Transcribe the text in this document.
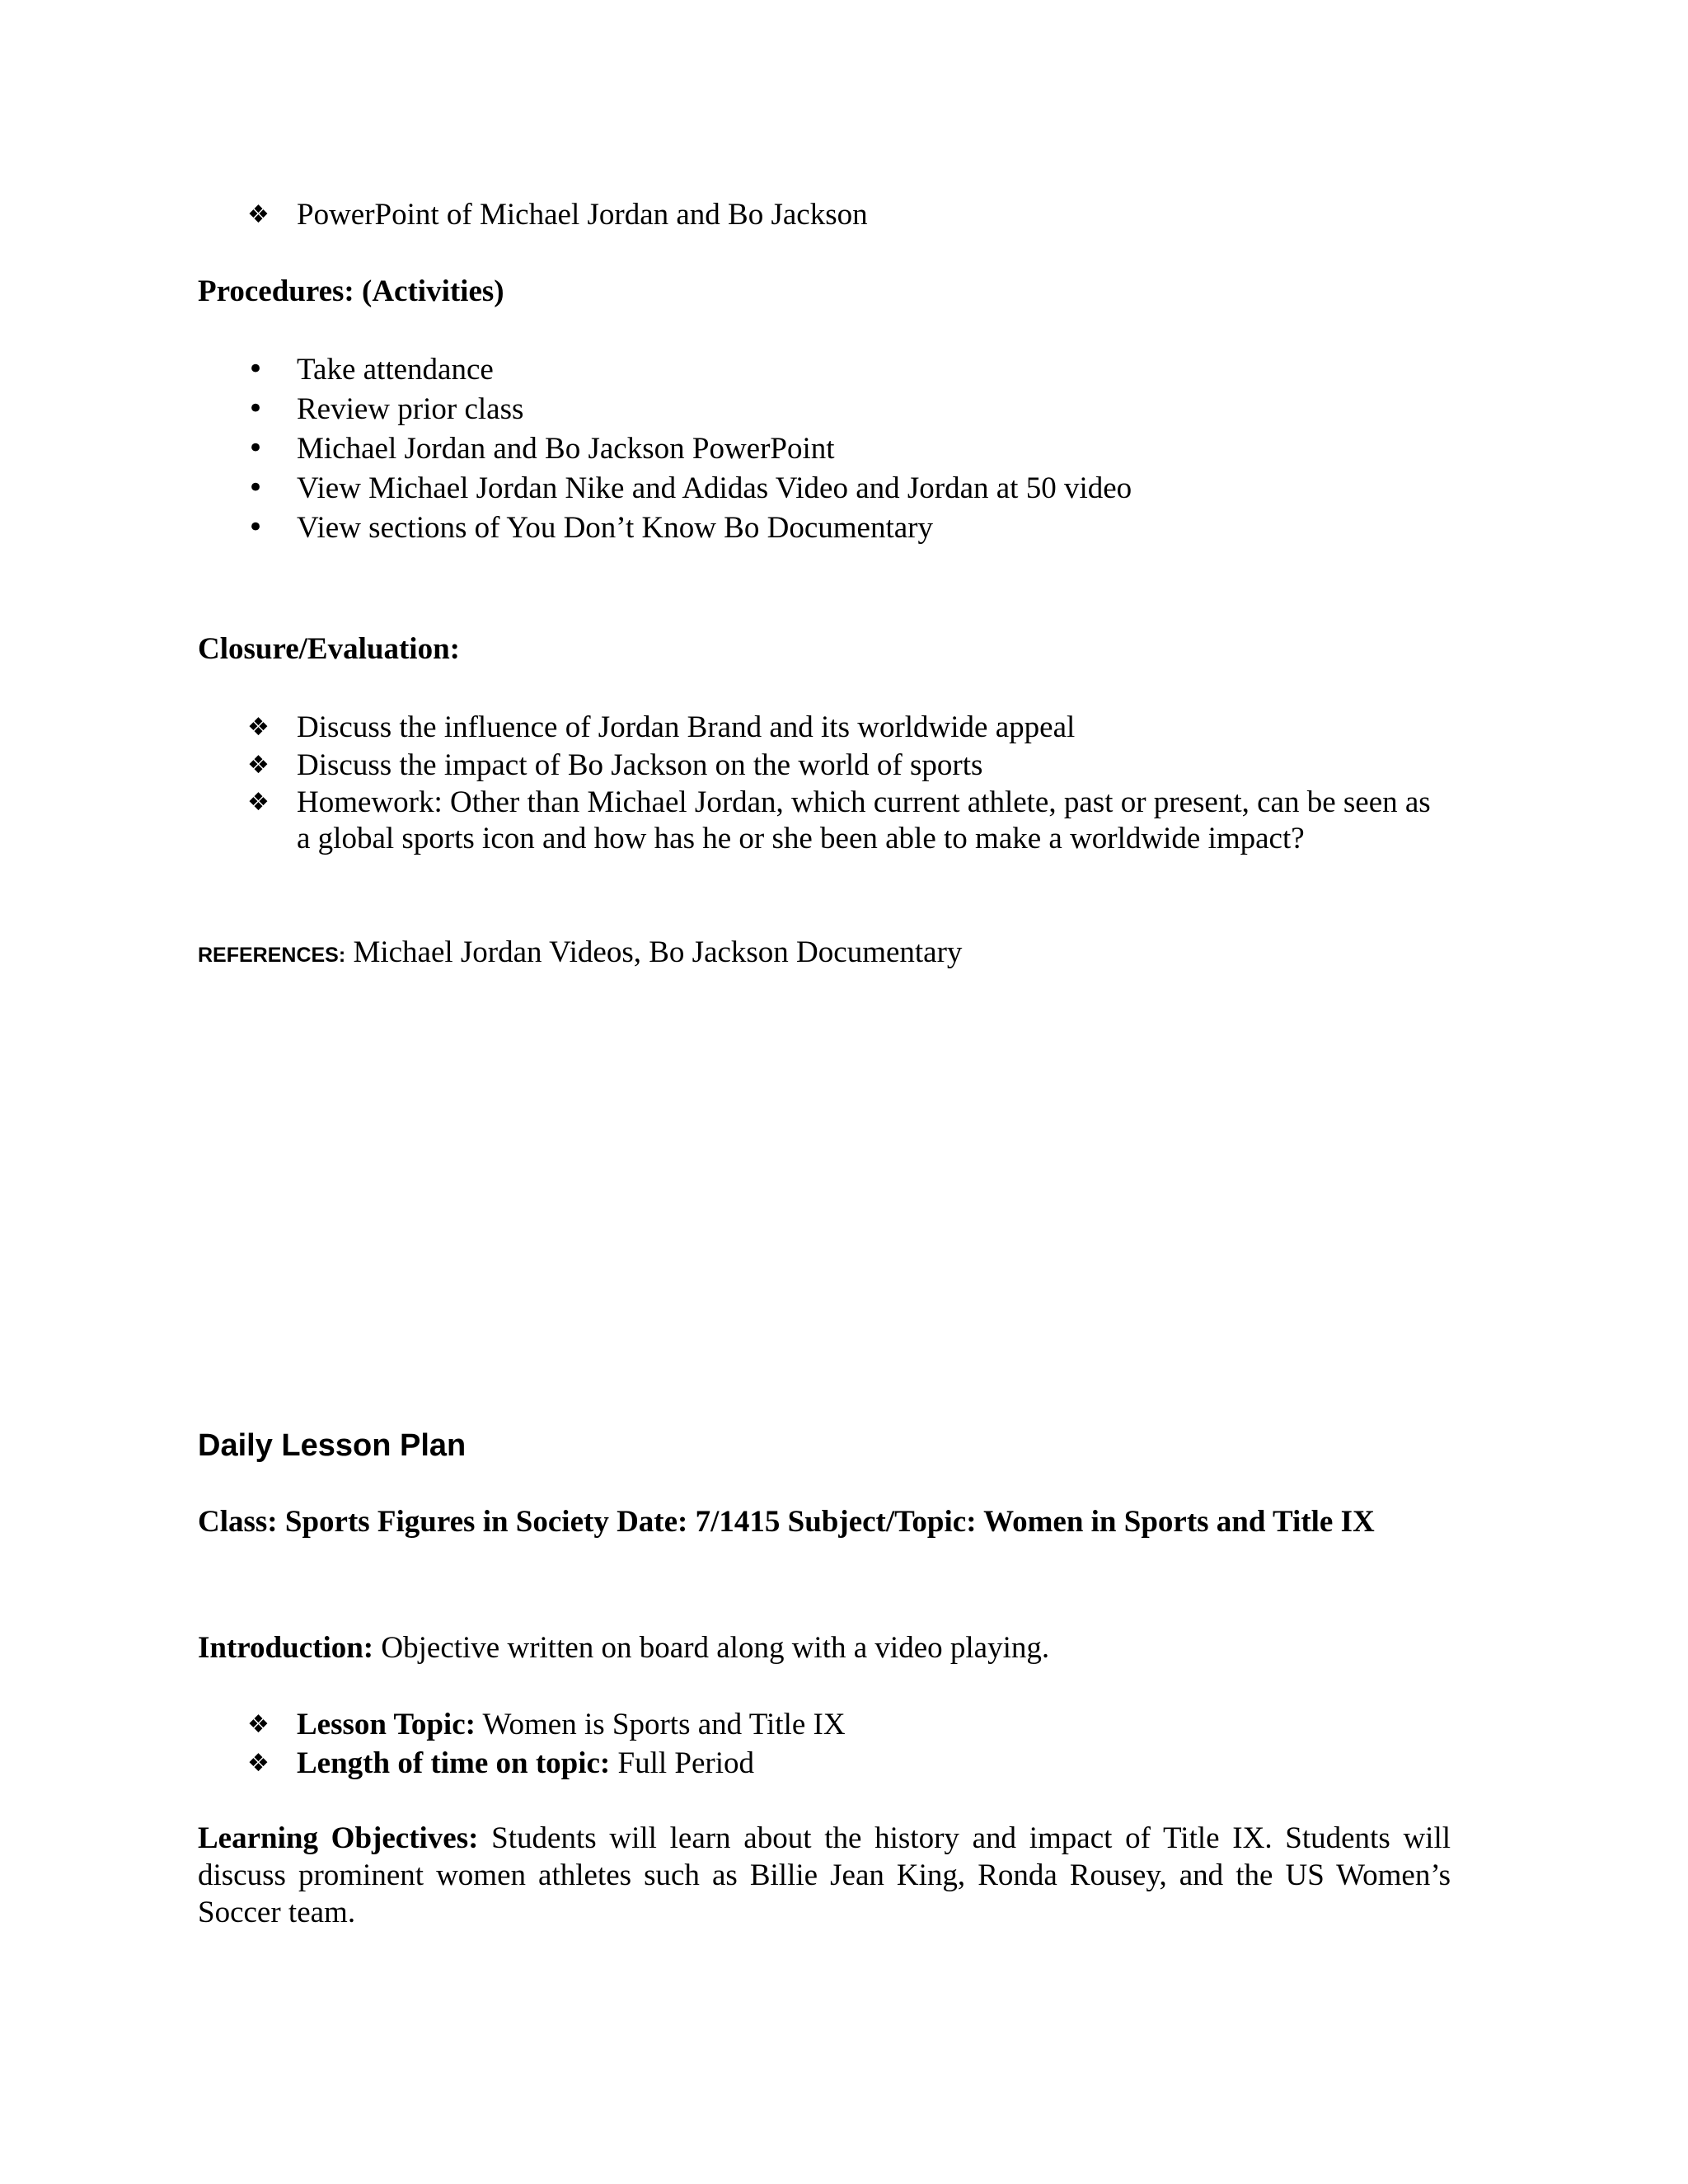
❖ PowerPoint of Michael Jordan and Bo Jackson
Procedures: (Activities)
•	Take attendance
•	Review prior class
•	Michael Jordan and Bo Jackson PowerPoint
•	View Michael Jordan Nike and Adidas Video and Jordan at 50 video
•	View sections of You Don’t Know Bo Documentary
Closure/Evaluation:
❖ Discuss the influence of Jordan Brand and its worldwide appeal
❖ Discuss the impact of Bo Jackson on the world of sports
❖ Homework: Other than Michael Jordan, which current athlete, past or present, can be seen as a global sports icon and how has he or she been able to make a worldwide impact?
REFERENCES: Michael Jordan Videos, Bo Jackson Documentary
Daily Lesson Plan
Class: Sports Figures in Society Date: 7/1415 Subject/Topic: Women in Sports and Title IX
Introduction: Objective written on board along with a video playing.
❖ Lesson Topic: Women is Sports and Title IX
❖ Length of time on topic: Full Period
Learning Objectives: Students will learn about the history and impact of Title IX. Students will discuss prominent women athletes such as Billie Jean King, Ronda Rousey, and the US Women’s Soccer team.
